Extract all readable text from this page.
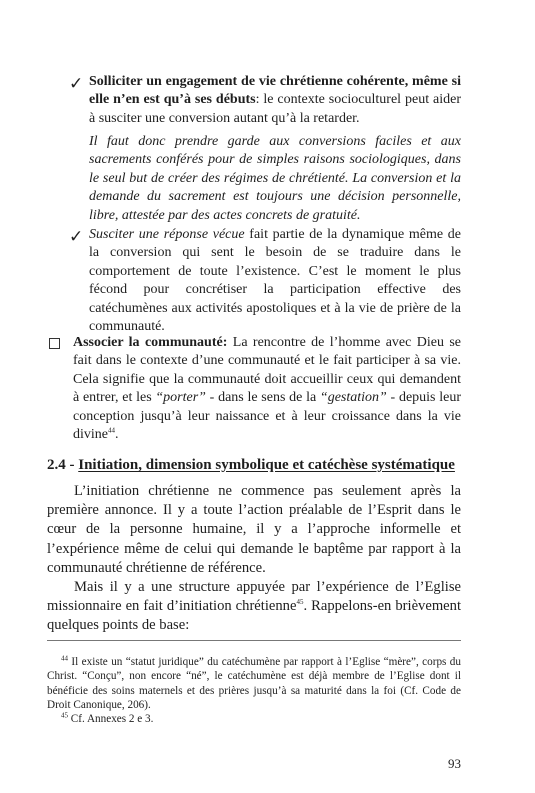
✓ Solliciter un engagement de vie chrétienne cohérente, même si elle n’en est qu’à ses débuts: le contexte socioculturel peut aider à susciter une conversion autant qu’à la retarder.

Il faut donc prendre garde aux conversions faciles et aux sacrements conférés pour de simples raisons sociologiques, dans le seul but de créer des régimes de chrétienté. La conversion et la demande du sacrement est toujours une décision personnelle, libre, attestée par des actes concrets de gratuité.

✓ Susciter une réponse vécue fait partie de la dynamique même de la conversion qui sent le besoin de se traduire dans le comportement de toute l’existence. C’est le moment le plus fécond pour concrétiser la participation effective des catéchumènes aux activités apostoliques et à la vie de prière de la communauté.

Associer la communauté: La rencontre de l’homme avec Dieu se fait dans le contexte d’une communauté et le fait participer à sa vie. Cela signifie que la communauté doit accueillir ceux qui demandent à entrer, et les “porter” - dans le sens de la “gestation” - depuis leur conception jusqu’à leur naissance et à leur croissance dans la vie divine$^{44}$.

2.4 - Initiation, dimension symbolique et catéchèse systématique

L’initiation chrétienne ne commence pas seulement après la première annonce. Il y a toute l’action préalable de l’Esprit dans le cœur de la personne humaine, il y a l’approche informelle et l’expérience même de celui qui demande le baptême par rapport à la communauté chrétienne de référence.

Mais il y a une structure appuyée par l’expérience de l’Eglise missionnaire en fait d’initiation chrétienne$^{45}$. Rappelons-en brièvement quelques points de base:

$^{44}$ Il existe un “statut juridique” du catéchumène par rapport à l’Eglise “mère”, corps du Christ. “Conçu”, non encore “né”, le catéchumène est déjà membre de l’Eglise dont il bénéficie des soins maternels et des prières jusqu’à sa maturité dans la foi (Cf. Code de Droit Canonique, 206).

$^{45}$ Cf. Annexes 2 e 3.

93
